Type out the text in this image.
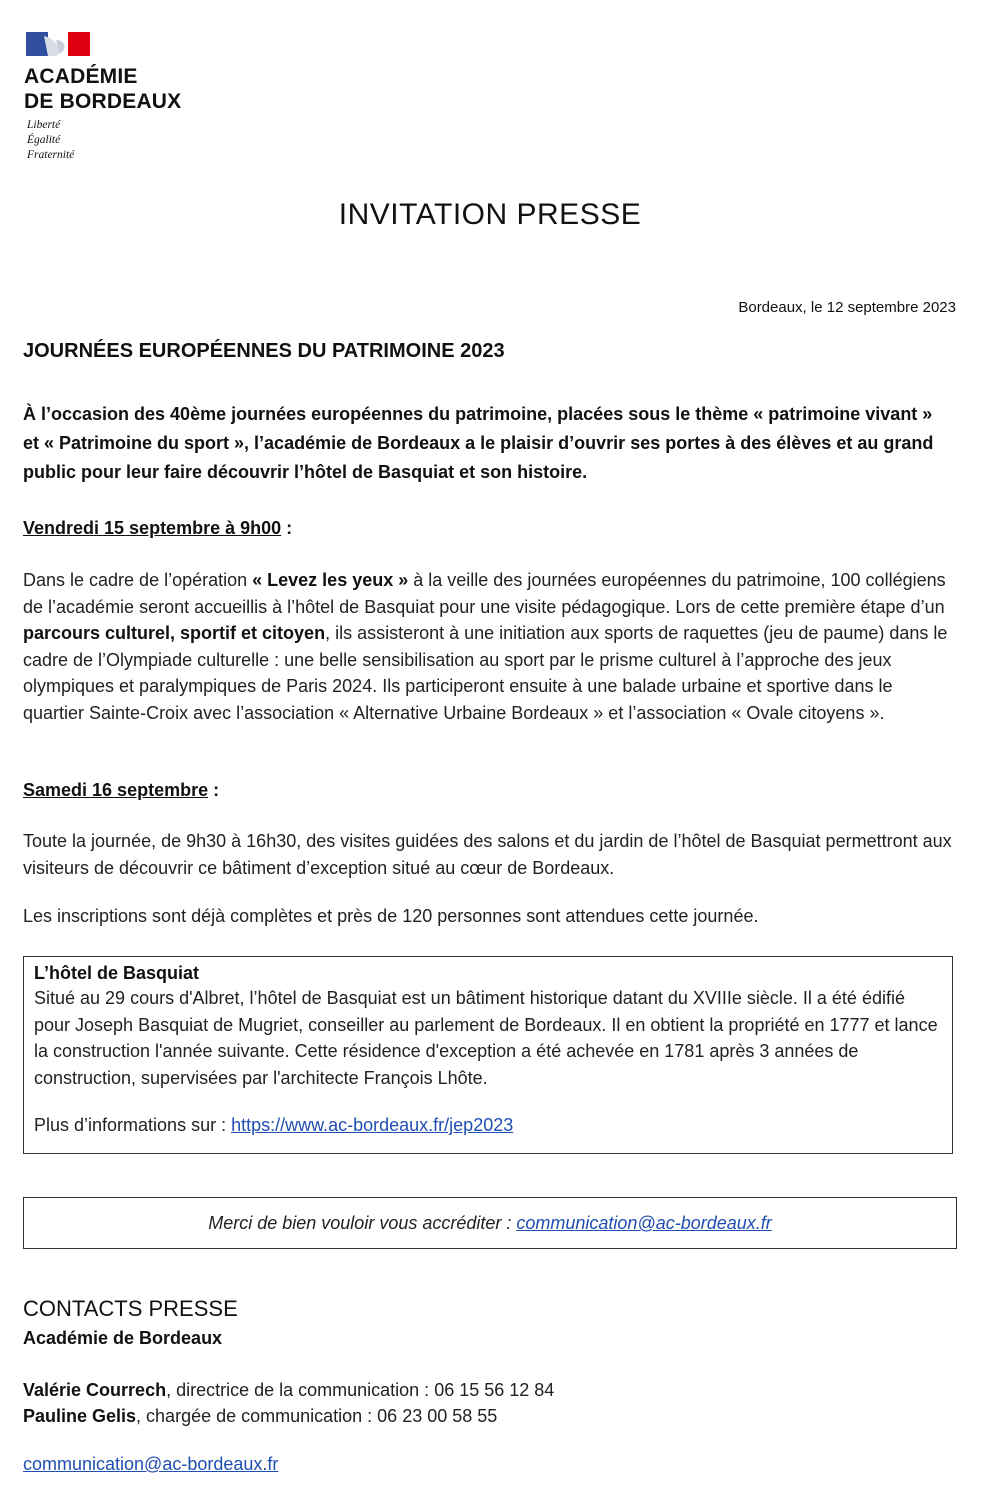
ACADÉMIE
DE BORDEAUX
Liberté
Égalité
Fraternité
INVITATION PRESSE
Bordeaux, le 12 septembre 2023
JOURNÉES EUROPÉENNES DU PATRIMOINE 2023
À l’occasion des 40ème journées européennes du patrimoine, placées sous le thème « patrimoine vivant » et « Patrimoine du sport », l’académie de Bordeaux a le plaisir d’ouvrir ses portes à des élèves et au grand public pour leur faire découvrir l’hôtel de Basquiat et son histoire.
Vendredi 15 septembre à 9h00 :
Dans le cadre de l’opération « Levez les yeux » à la veille des journées européennes du patrimoine, 100 collégiens de l’académie seront accueillis à l’hôtel de Basquiat pour une visite pédagogique. Lors de cette première étape d’un parcours culturel, sportif et citoyen, ils assisteront à une initiation aux sports de raquettes (jeu de paume) dans le cadre de l’Olympiade culturelle : une belle sensibilisation au sport par le prisme culturel à l’approche des jeux olympiques et paralympiques de Paris 2024. Ils participeront ensuite à une balade urbaine et sportive dans le quartier Sainte-Croix avec l’association « Alternative Urbaine Bordeaux » et l’association « Ovale citoyens ».
Samedi 16 septembre :
Toute la journée, de 9h30 à 16h30, des visites guidées des salons et du jardin de l’hôtel de Basquiat permettront aux visiteurs de découvrir ce bâtiment d’exception situé au cœur de Bordeaux.
Les inscriptions sont déjà complètes et près de 120 personnes sont attendues cette journée.
L’hôtel de Basquiat
Situé au 29 cours d'Albret, l’hôtel de Basquiat est un bâtiment historique datant du XVIIIe siècle. Il a été édifié pour Joseph Basquiat de Mugriet, conseiller au parlement de Bordeaux. Il en obtient la propriété en 1777 et lance la construction l'année suivante. Cette résidence d'exception a été achevée en 1781 après 3 années de construction, supervisées par l'architecte François Lhôte.
Plus d’informations sur : https://www.ac-bordeaux.fr/jep2023
Merci de bien vouloir vous accréditer : communication@ac-bordeaux.fr
CONTACTS PRESSE
Académie de Bordeaux
Valérie Courrech, directrice de la communication : 06 15 56 12 84
Pauline Gelis, chargée de communication : 06 23 00 58 55
communication@ac-bordeaux.fr
